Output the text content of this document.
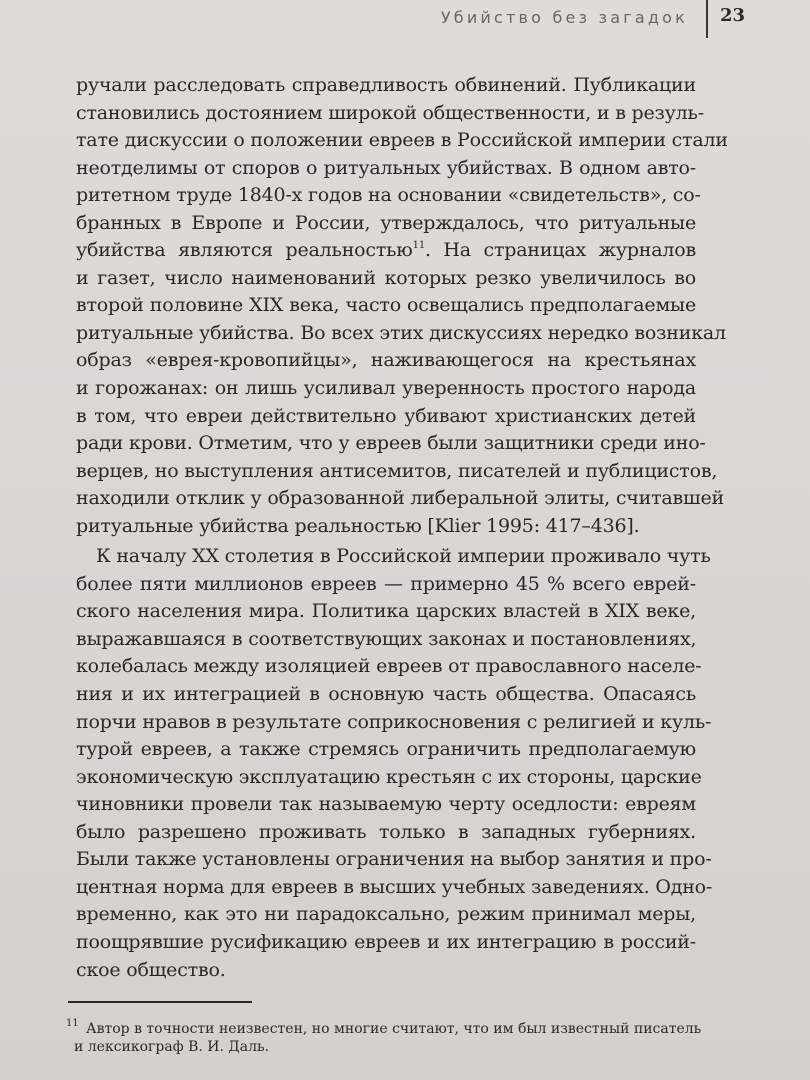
Убийство без загадок 23
ручали расследовать справедливость обвинений. Публикации
становились достоянием широкой общественности, и в резуль-
тате дискуссии о положении евреев в Российской империи стали
неотделимы от споров о ритуальных убийствах. В одном авто-
ритетном труде 1840-х годов на основании «свидетельств», со-
бранных в Европе и России, утверждалось, что ритуальные
убийства являются реальностью$^{11}$. На страницах журналов
и газет, число наименований которых резко увеличилось во
второй половине XIX века, часто освещались предполагаемые
ритуальные убийства. Во всех этих дискуссиях нередко возникал
образ «еврея-кровопийцы», наживающегося на крестьянах
и горожанах: он лишь усиливал уверенность простого народа
в том, что евреи действительно убивают христианских детей
ради крови. Отметим, что у евреев были защитники среди ино-
верцев, но выступления антисемитов, писателей и публицистов,
находили отклик у образованной либеральной элиты, считавшей
ритуальные убийства реальностью [Klier 1995: 417–436].
К началу XX столетия в Российской империи проживало чуть
более пяти миллионов евреев — примерно 45 % всего еврей-
ского населения мира. Политика царских властей в XIX веке,
выражавшаяся в соответствующих законах и постановлениях,
колебалась между изоляцией евреев от православного населе-
ния и их интеграцией в основную часть общества. Опасаясь
порчи нравов в результате соприкосновения с религией и куль-
турой евреев, а также стремясь ограничить предполагаемую
экономическую эксплуатацию крестьян с их стороны, царские
чиновники провели так называемую черту оседлости: евреям
было разрешено проживать только в западных губерниях.
Были также установлены ограничения на выбор занятия и про-
центная норма для евреев в высших учебных заведениях. Одно-
временно, как это ни парадоксально, режим принимал меры,
поощрявшие русификацию евреев и их интеграцию в россий-
ское общество.
11 Автор в точности неизвестен, но многие считают, что им был известный писатель
и лексикограф В. И. Даль.
